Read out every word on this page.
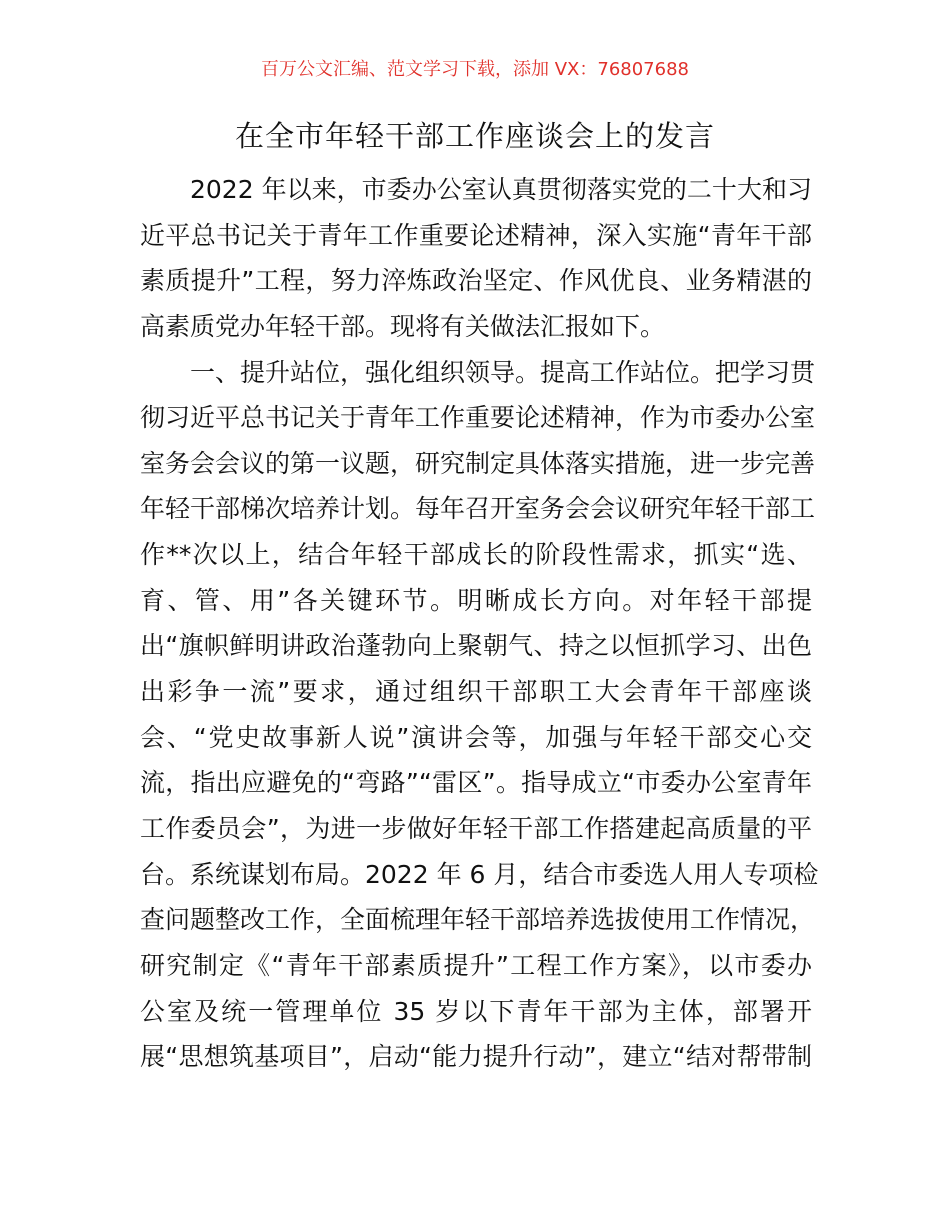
百万公文汇编、范文学习下载，添加 VX：76807688
在全市年轻干部工作座谈会上的发言
2022 年以来，市委办公室认真贯彻落实党的二十大和习
近平总书记关于青年工作重要论述精神，深入实施“青年干部
素质提升”工程，努力淬炼政治坚定、作风优良、业务精湛的
高素质党办年轻干部。现将有关做法汇报如下。
一、提升站位，强化组织领导。提高工作站位。把学习贯
彻习近平总书记关于青年工作重要论述精神，作为市委办公室
室务会会议的第一议题，研究制定具体落实措施，进一步完善
年轻干部梯次培养计划。每年召开室务会会议研究年轻干部工
作**次以上，结合年轻干部成长的阶段性需求，抓实“选、
育、管、用”各关键环节。明晰成长方向。对年轻干部提
出“旗帜鲜明讲政治蓬勃向上聚朝气、持之以恒抓学习、出色
出彩争一流”要求，通过组织干部职工大会青年干部座谈
会、“党史故事新人说”演讲会等，加强与年轻干部交心交
流，指出应避免的“弯路”“雷区”。指导成立“市委办公室青年
工作委员会”，为进一步做好年轻干部工作搭建起高质量的平
台。系统谋划布局。2022 年 6 月，结合市委选人用人专项检
查问题整改工作，全面梳理年轻干部培养选拔使用工作情况，
研究制定《“青年干部素质提升”工程工作方案》，以市委办
公室及统一管理单位 35 岁以下青年干部为主体，部署开
展“思想筑基项目”，启动“能力提升行动”，建立“结对帮带制
